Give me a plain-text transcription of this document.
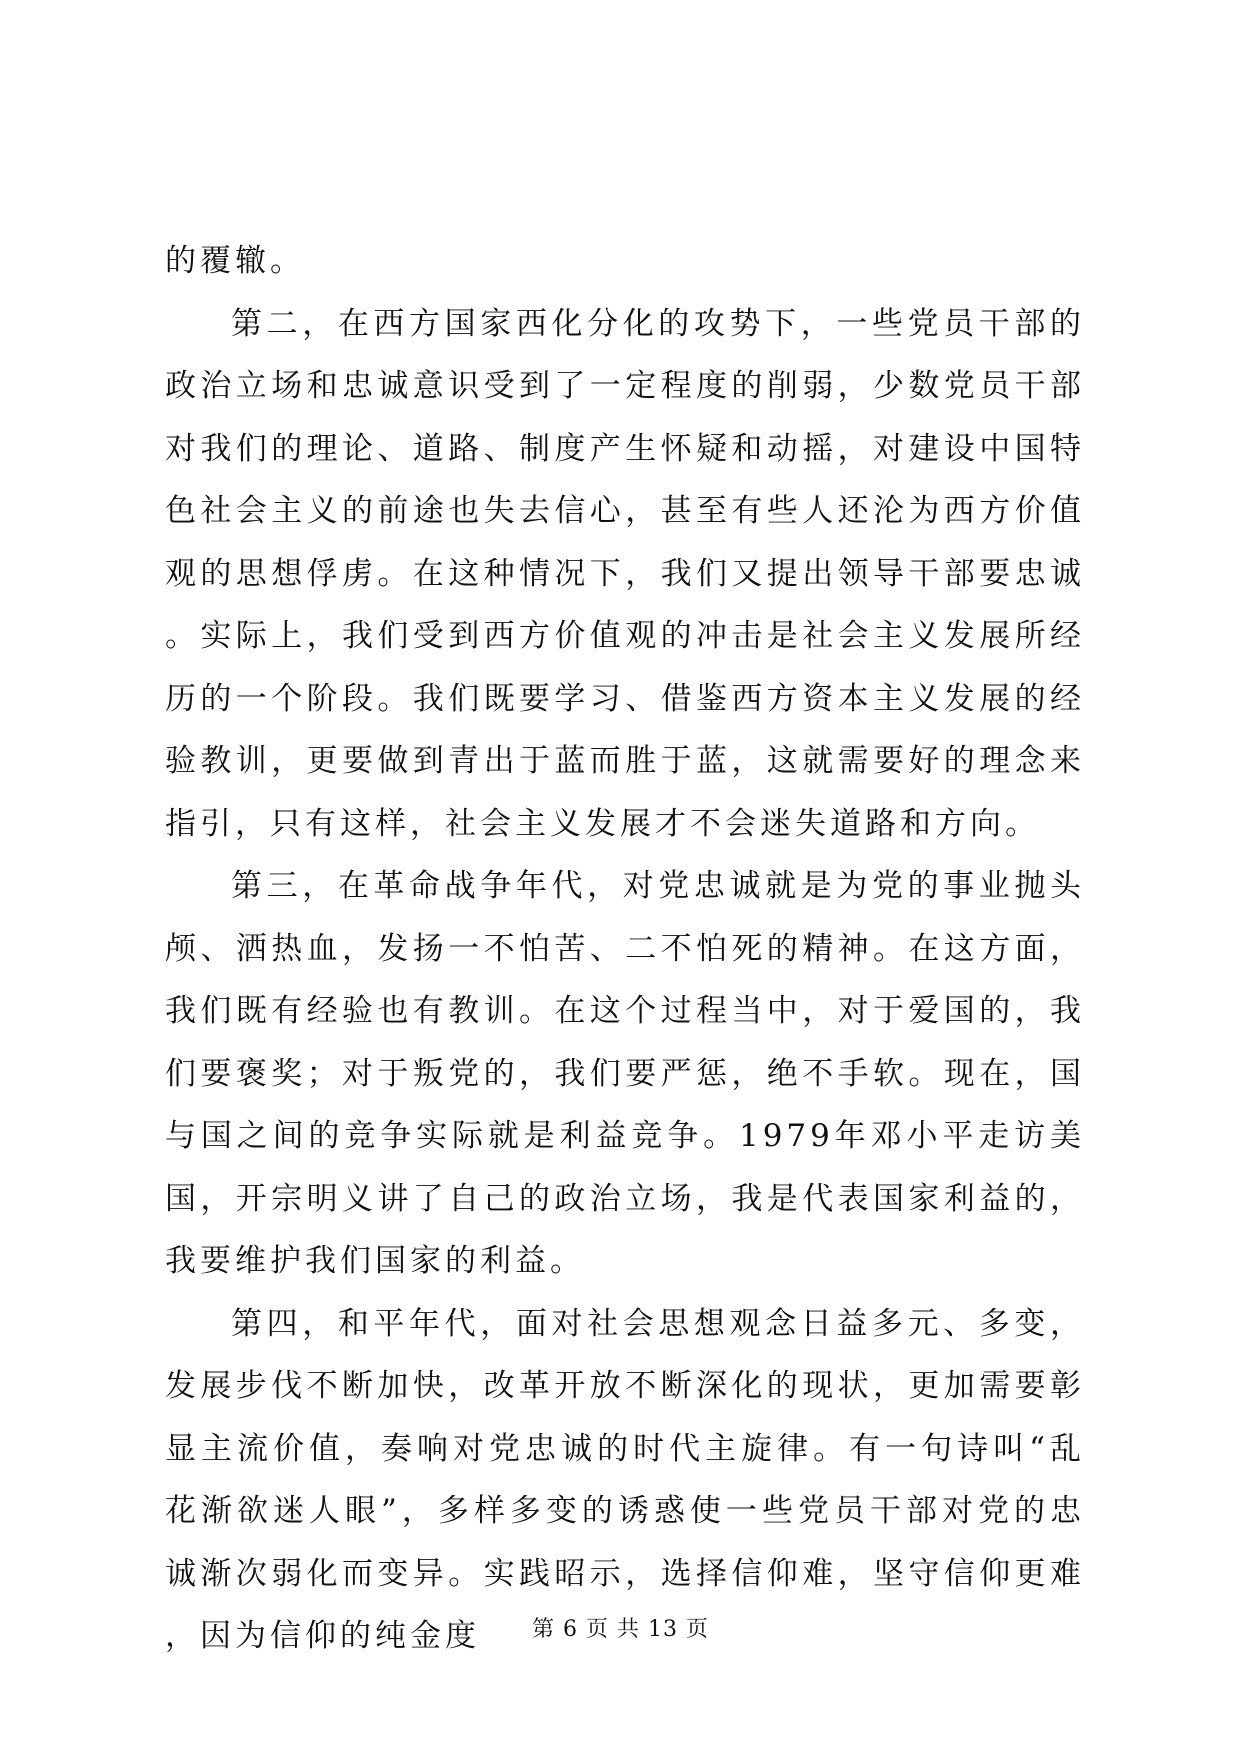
的覆辙。

第二，在西方国家西化分化的攻势下，一些党员干部的政治立场和忠诚意识受到了一定程度的削弱，少数党员干部对我们的理论、道路、制度产生怀疑和动摇，对建设中国特色社会主义的前途也失去信心，甚至有些人还沦为西方价值观的思想俘虏。在这种情况下，我们又提出领导干部要忠诚。实际上，我们受到西方价值观的冲击是社会主义发展所经历的一个阶段。我们既要学习、借鉴西方资本主义发展的经验教训，更要做到青出于蓝而胜于蓝，这就需要好的理念来指引，只有这样，社会主义发展才不会迷失道路和方向。

第三，在革命战争年代，对党忠诚就是为党的事业抛头颅、洒热血，发扬一不怕苦、二不怕死的精神。在这方面，我们既有经验也有教训。在这个过程当中，对于爱国的，我们要褒奖；对于叛党的，我们要严惩，绝不手软。现在，国与国之间的竞争实际就是利益竞争。1979年邓小平走访美国，开宗明义讲了自己的政治立场，我是代表国家利益的，我要维护我们国家的利益。

第四，和平年代，面对社会思想观念日益多元、多变，发展步伐不断加快，改革开放不断深化的现状，更加需要彰显主流价值，奏响对党忠诚的时代主旋律。有一句诗叫“乱花渐欲迷人眼”，多样多变的诱惑使一些党员干部对党的忠诚渐次弱化而变异。实践昭示，选择信仰难，坚守信仰更难，因为信仰的纯金度	第 6 页 共 13 页
